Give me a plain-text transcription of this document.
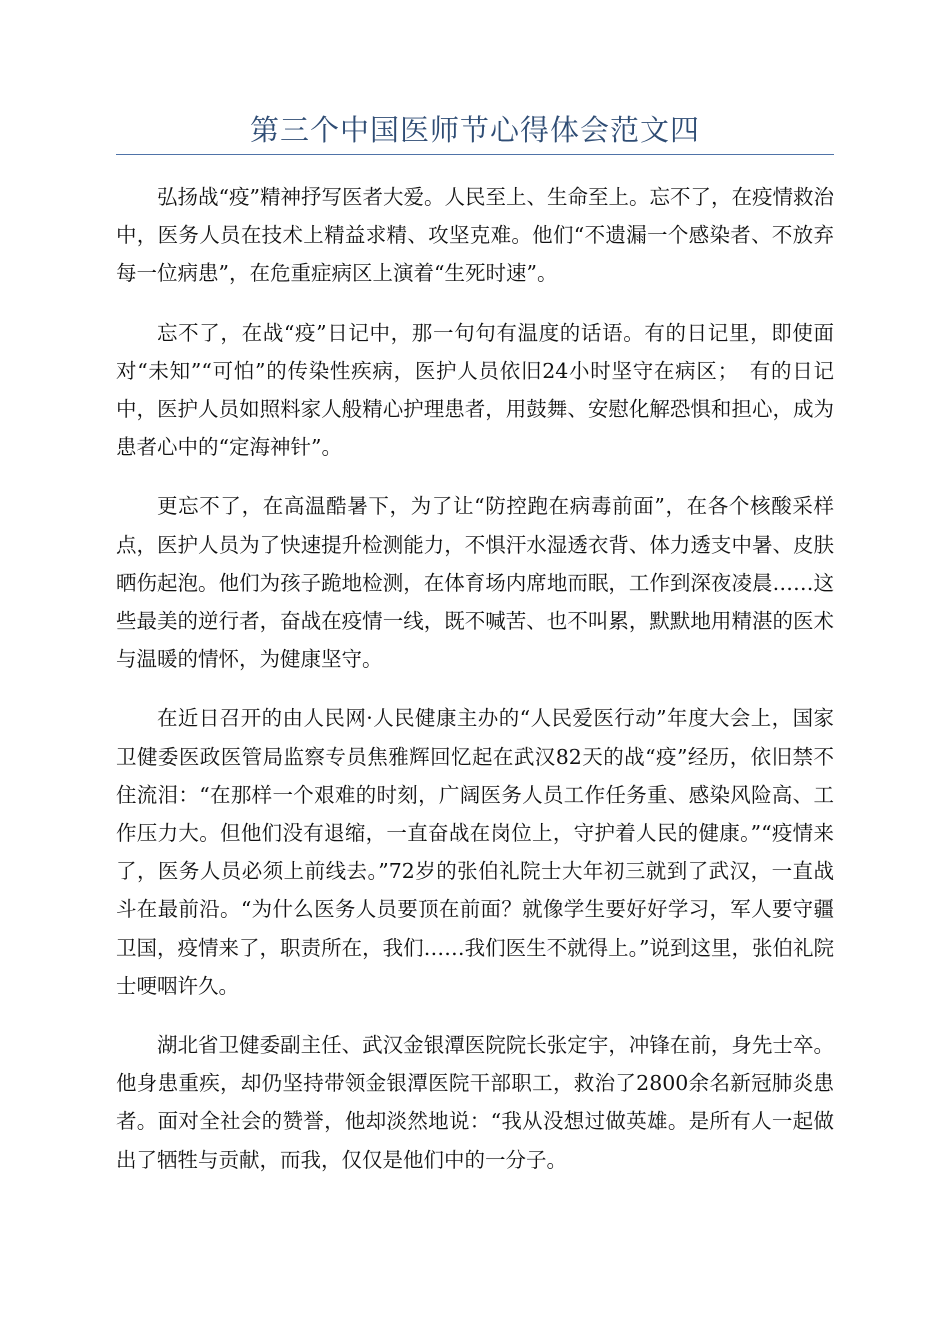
第三个中国医师节心得体会范文四

弘扬战“疫”精神抒写医者大爱。人民至上、生命至上。忘不了，在疫情救治中，医务人员在技术上精益求精、攻坚克难。他们“不遗漏一个感染者、不放弃每一位病患”，在危重症病区上演着“生死时速”。

忘不了，在战“疫”日记中，那一句句有温度的话语。有的日记里，即使面对“未知”“可怕”的传染性疾病，医护人员依旧24小时坚守在病区；　有的日记中，医护人员如照料家人般精心护理患者，用鼓舞、安慰化解恐惧和担心，成为患者心中的“定海神针”。

更忘不了，在高温酷暑下，为了让“防控跑在病毒前面”，在各个核酸采样点，医护人员为了快速提升检测能力，不惧汗水湿透衣背、体力透支中暑、皮肤晒伤起泡。他们为孩子跪地检测，在体育场内席地而眠，工作到深夜凌晨……这些最美的逆行者，奋战在疫情一线，既不喊苦、也不叫累，默默地用精湛的医术与温暖的情怀，为健康坚守。

在近日召开的由人民网·人民健康主办的“人民爱医行动”年度大会上，国家卫健委医政医管局监察专员焦雅辉回忆起在武汉82天的战“疫”经历，依旧禁不住流泪：“在那样一个艰难的时刻，广阔医务人员工作任务重、感染风险高、工作压力大。但他们没有退缩，一直奋战在岗位上，守护着人民的健康。”“疫情来了，医务人员必须上前线去。”72岁的张伯礼院士大年初三就到了武汉，一直战斗在最前沿。“为什么医务人员要顶在前面？就像学生要好好学习，军人要守疆卫国，疫情来了，职责所在，我们……我们医生不就得上。”说到这里，张伯礼院士哽咽许久。

湖北省卫健委副主任、武汉金银潭医院院长张定宇，冲锋在前，身先士卒。他身患重疾，却仍坚持带领金银潭医院干部职工，救治了2800余名新冠肺炎患者。面对全社会的赞誉，他却淡然地说：“我从没想过做英雄。是所有人一起做出了牺牲与贡献，而我，仅仅是他们中的一分子。
